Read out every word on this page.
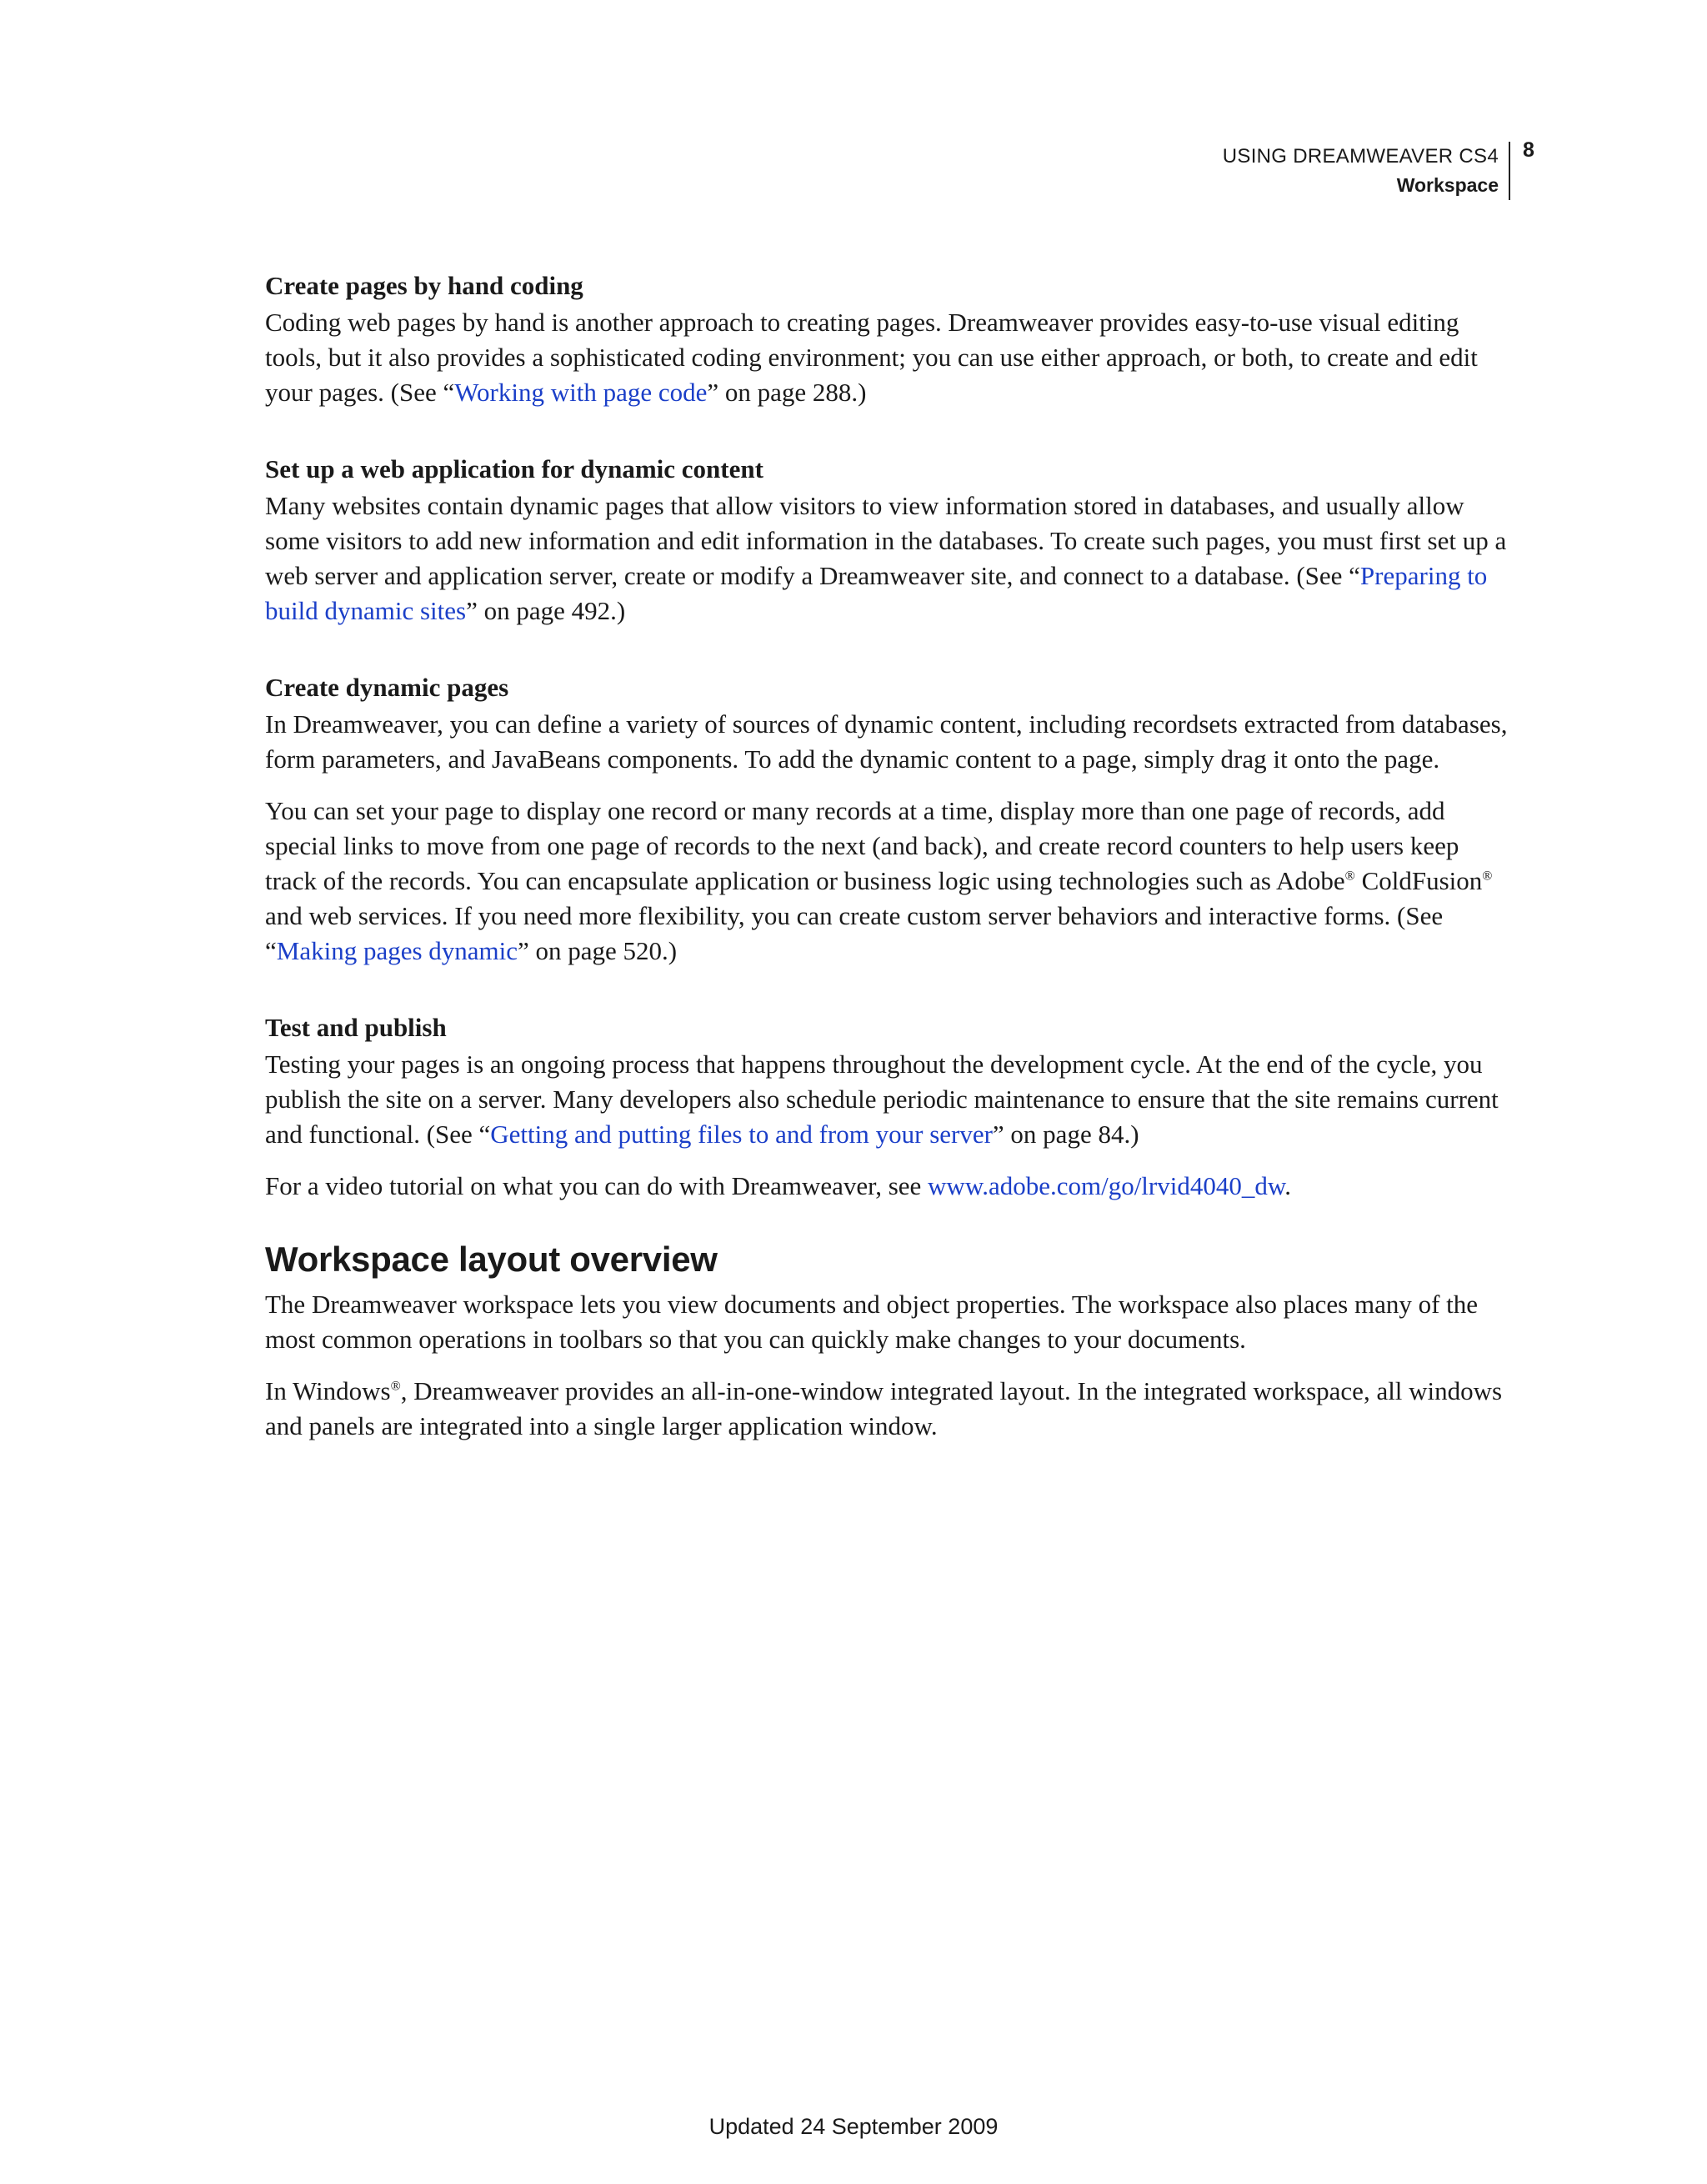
USING DREAMWEAVER CS4
Workspace
8
Create pages by hand coding

Coding web pages by hand is another approach to creating pages. Dreamweaver provides easy-to-use visual editing tools, but it also provides a sophisticated coding environment; you can use either approach, or both, to create and edit your pages. (See “Working with page code” on page 288.)

Set up a web application for dynamic content

Many websites contain dynamic pages that allow visitors to view information stored in databases, and usually allow some visitors to add new information and edit information in the databases. To create such pages, you must first set up a web server and application server, create or modify a Dreamweaver site, and connect to a database. (See “Preparing to build dynamic sites” on page 492.)

Create dynamic pages

In Dreamweaver, you can define a variety of sources of dynamic content, including recordsets extracted from databases, form parameters, and JavaBeans components. To add the dynamic content to a page, simply drag it onto the page.

You can set your page to display one record or many records at a time, display more than one page of records, add special links to move from one page of records to the next (and back), and create record counters to help users keep track of the records. You can encapsulate application or business logic using technologies such as Adobe® ColdFusion® and web services. If you need more flexibility, you can create custom server behaviors and interactive forms. (See “Making pages dynamic” on page 520.)

Test and publish

Testing your pages is an ongoing process that happens throughout the development cycle. At the end of the cycle, you publish the site on a server. Many developers also schedule periodic maintenance to ensure that the site remains current and functional. (See “Getting and putting files to and from your server” on page 84.)

For a video tutorial on what you can do with Dreamweaver, see www.adobe.com/go/lrvid4040_dw.

Workspace layout overview

The Dreamweaver workspace lets you view documents and object properties. The workspace also places many of the most common operations in toolbars so that you can quickly make changes to your documents.

In Windows®, Dreamweaver provides an all-in-one-window integrated layout. In the integrated workspace, all windows and panels are integrated into a single larger application window.

Updated 24 September 2009
